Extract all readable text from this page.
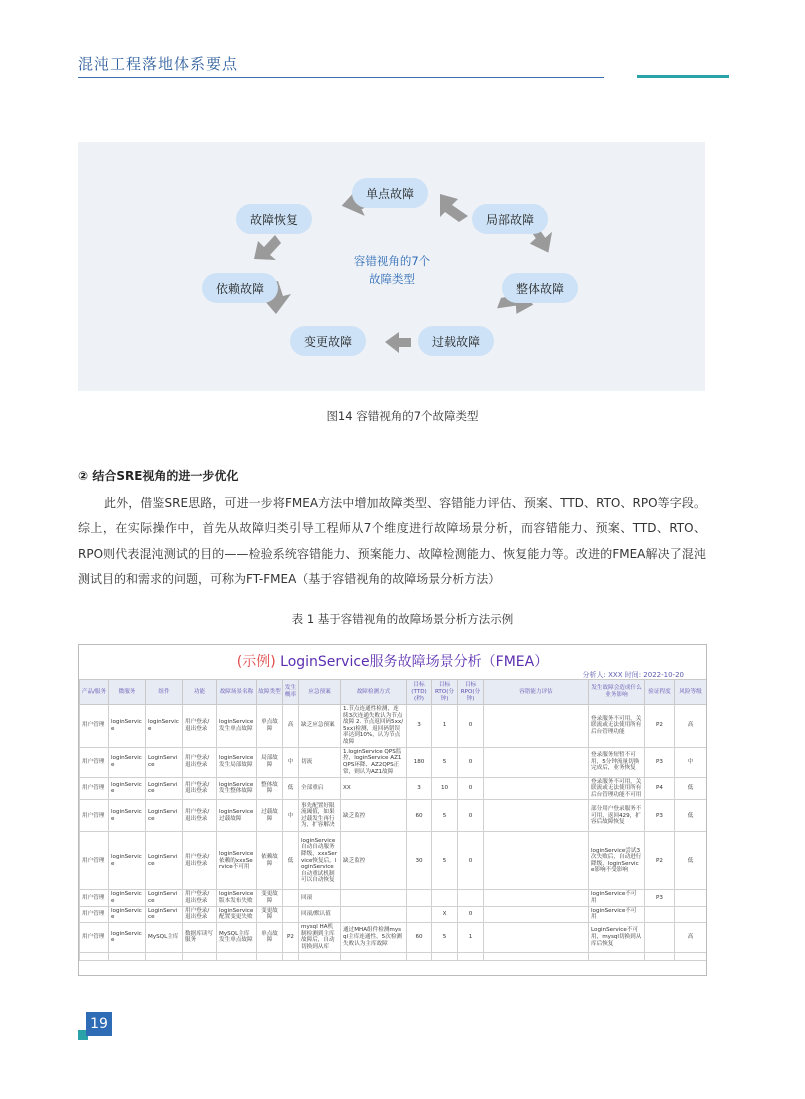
混沌工程落地体系要点
单点故障
局部故障
整体故障
过载故障
变更故障
依赖故障
故障恢复
容错视角的7个
故障类型
图14 容错视角的7个故障类型
② 结合SRE视角的进一步优化
此外，借鉴SRE思路，可进一步将FMEA方法中增加故障类型、容错能力评估、预案、TTD、RTO、RPO等字段。综上，在实际操作中，首先从故障归类引导工程师从7个维度进行故障场景分析，而容错能力、预案、TTD、RTO、RPO则代表混沌测试的目的——检验系统容错能力、预案能力、故障检测能力、恢复能力等。改进的FMEA解决了混沌测试目的和需求的问题，可称为FT-FMEA（基于容错视角的故障场景分析方法）
表 1 基于容错视角的故障场景分析方法示例
(示例) LoginService服务故障场景分析（FMEA）
分析人: XXX 时间: 2022-10-20
产品/服务	微服务	组件	功能	故障场景名称	故障类型	发生概率	应急预案	故障检测方式	目标(TTD)(秒)	目标RTO(分钟)	目标RPO(分钟)	容错能力评估	发生故障会造成什么业务影响	验证程度	风险等级
用户管理	loginService	loginService	用户登录/退出登录	loginService发生单点故障	单点故障	高	缺乏应急预案	1.节点连通性检测，连续3次连通失败认为节点故障 2. 节点返回码5xx/5xx)检测，返回码错误率达到10%，认为节点故障	3	1	0		登录服务不可用，关联流或无法使用所有后台管理功能	P2	高
用户管理	loginService	LoginService	用户登录/退出登录	loginService发生局部故障	局部故障	中	切流	1.loginService QPS监控，loginService AZ1 QPS环降、AZ2QPS正常，则认为AZ1故障	180	5	0		登录服务短暂不可用，5分钟流量切换完成后，业务恢复	P3	中
用户管理	loginService	LoginService	用户登录/退出登录	loginService发生整体故障	整体故障	低	全部重启	XX	3	10	0		登录服务不可用，关联流或无法使用所有后台管理功能不可用	P4	低
用户管理	loginService	LoginService	用户登录/退出登录	loginService过载故障	过载故障	中	事先配置好限流阈值，如果过载发生再行为，扩容解决	缺乏监控	60	5	0		部分用户登录服务不可用，返回429，扩容后故障恢复	P3	低
用户管理	loginService	LoginService	用户登录/退出登录	loginService依赖的xxxService不可用	依赖故障	低	loginService自动自动服务降级，xxxService恢复后，loginService自动重试机制可以自动恢复	缺乏监控	30	5	0		loginService尝试3次失败后，自动进行降级，loginService影响不受影响	P2	低
用户管理	loginService	LoginService	用户登录/退出登录	loginService版本发布失败	变更故障		回滚						loginService不可用	P3	
用户管理	loginService	LoginService	用户登录/退出登录	loginService配置变更失败	变更故障		回滚/默认值			X	0		loginService不可用		
用户管理	loginService	MySQL主库	数据库读写服务	MySQL主库发生单点故障	单点故障	P2	mysql HA机制检测到主库故障后，自动切换到从库	通过MHA组件检测mysql主库连通性，5次检测失败认为主库故障	60	5	1		LoginService不可用，mysql切换到从库后恢复		高

19
